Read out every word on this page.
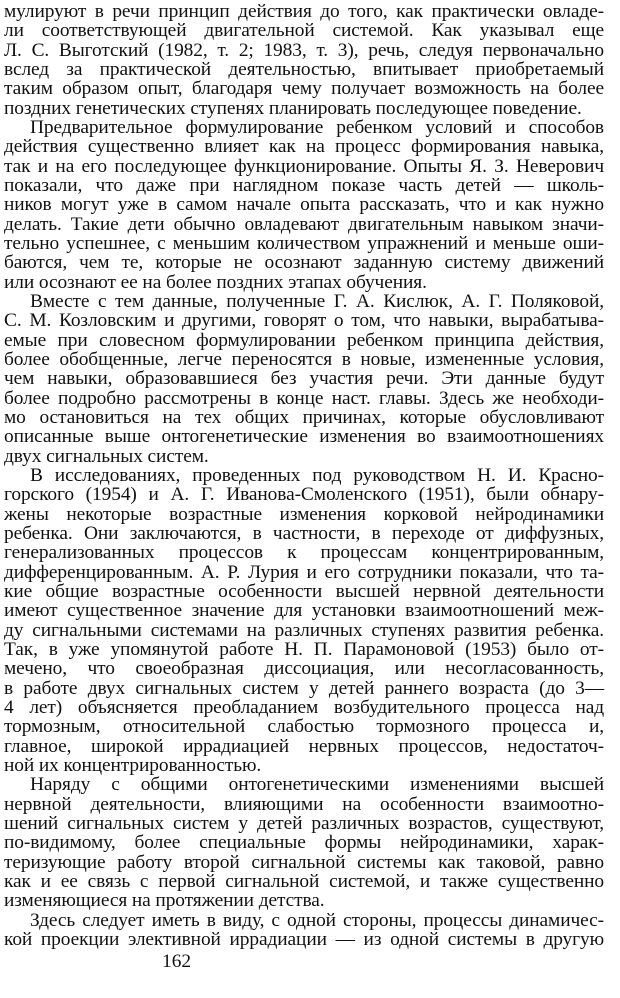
мулируют в речи принцип действия до того, как практически овладе-
ли соответствующей двигательной системой. Как указывал еще
Л. С. Выготский (1982, т. 2; 1983, т. 3), речь, следуя первоначально
вслед за практической деятельностью, впитывает приобретаемый
таким образом опыт, благодаря чему получает возможность на более
поздних генетических ступенях планировать последующее поведение.
Предварительное формулирование ребенком условий и способов
действия существенно влияет как на процесс формирования навыка,
так и на его последующее функционирование. Опыты Я. З. Неверович
показали, что даже при наглядном показе часть детей — школь-
ников могут уже в самом начале опыта рассказать, что и как нужно
делать. Такие дети обычно овладевают двигательным навыком значи-
тельно успешнее, с меньшим количеством упражнений и меньше оши-
баются, чем те, которые не осознают заданную систему движений
или осознают ее на более поздних этапах обучения.
Вместе с тем данные, полученные Г. А. Кислюк, А. Г. Поляковой,
С. М. Козловским и другими, говорят о том, что навыки, вырабатыва-
емые при словесном формулировании ребенком принципа действия,
более обобщенные, легче переносятся в новые, измененные условия,
чем навыки, образовавшиеся без участия речи. Эти данные будут
более подробно рассмотрены в конце наст. главы. Здесь же необходи-
мо остановиться на тех общих причинах, которые обусловливают
описанные выше онтогенетические изменения во взаимоотношениях
двух сигнальных систем.
В исследованиях, проведенных под руководством Н. И. Красно-
горского (1954) и А. Г. Иванова-Смоленского (1951), были обнару-
жены некоторые возрастные изменения корковой нейродинамики
ребенка. Они заключаются, в частности, в переходе от диффузных,
генерализованных процессов к процессам концентрированным,
дифференцированным. А. Р. Лурия и его сотрудники показали, что та-
кие общие возрастные особенности высшей нервной деятельности
имеют существенное значение для установки взаимоотношений меж-
ду сигнальными системами на различных ступенях развития ребенка.
Так, в уже упомянутой работе Н. П. Парамоновой (1953) было от-
мечено, что своеобразная диссоциация, или несогласованность,
в работе двух сигнальных систем у детей раннего возраста (до 3—
4 лет) объясняется преобладанием возбудительного процесса над
тормозным, относительной слабостью тормозного процесса и,
главное, широкой иррадиацией нервных процессов, недостаточ-
ной их концентрированностью.
Наряду с общими онтогенетическими изменениями высшей
нервной деятельности, влияющими на особенности взаимоотно-
шений сигнальных систем у детей различных возрастов, существуют,
по-видимому, более специальные формы нейродинамики, харак-
теризующие работу второй сигнальной системы как таковой, равно
как и ее связь с первой сигнальной системой, и также существенно
изменяющиеся на протяжении детства.
Здесь следует иметь в виду, с одной стороны, процессы динамичес-
кой проекции элективной иррадиации — из одной системы в другую
162
